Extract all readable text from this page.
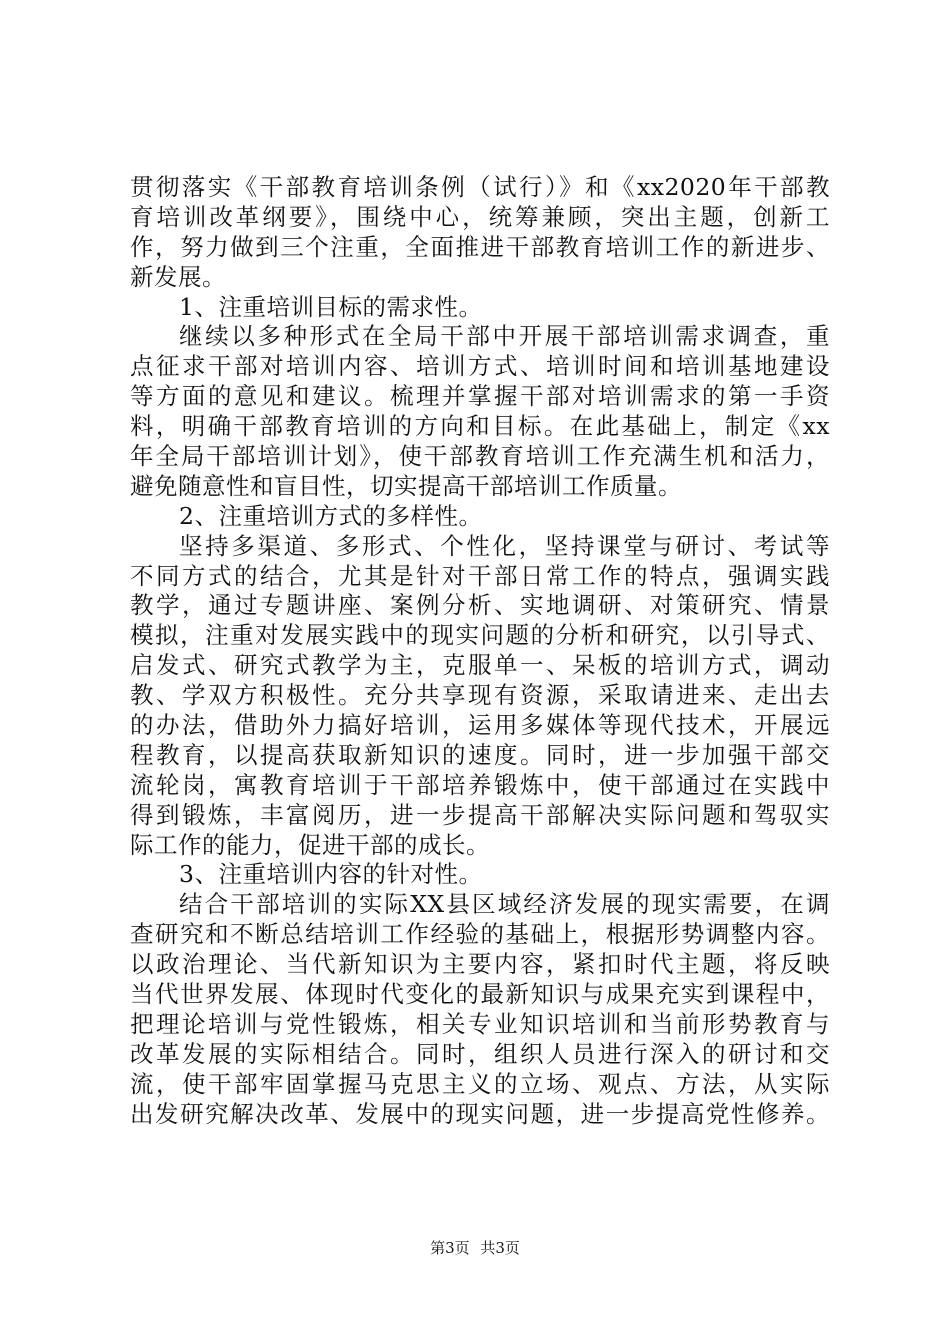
贯彻落实《干部教育培训条例（试行）》和《xx2020年干部教
育培训改革纲要》，围绕中心，统筹兼顾，突出主题，创新工
作，努力做到三个注重，全面推进干部教育培训工作的新进步、
新发展。
1、注重培训目标的需求性。
继续以多种形式在全局干部中开展干部培训需求调查，重
点征求干部对培训内容、培训方式、培训时间和培训基地建设
等方面的意见和建议。梳理并掌握干部对培训需求的第一手资
料，明确干部教育培训的方向和目标。在此基础上，制定《xx
年全局干部培训计划》，使干部教育培训工作充满生机和活力，
避免随意性和盲目性，切实提高干部培训工作质量。
2、注重培训方式的多样性。
坚持多渠道、多形式、个性化，坚持课堂与研讨、考试等
不同方式的结合，尤其是针对干部日常工作的特点，强调实践
教学，通过专题讲座、案例分析、实地调研、对策研究、情景
模拟，注重对发展实践中的现实问题的分析和研究，以引导式、
启发式、研究式教学为主，克服单一、呆板的培训方式，调动
教、学双方积极性。充分共享现有资源，采取请进来、走出去
的办法，借助外力搞好培训，运用多媒体等现代技术，开展远
程教育，以提高获取新知识的速度。同时，进一步加强干部交
流轮岗，寓教育培训于干部培养锻炼中，使干部通过在实践中
得到锻炼，丰富阅历，进一步提高干部解决实际问题和驾驭实
际工作的能力，促进干部的成长。
3、注重培训内容的针对性。
结合干部培训的实际XX县区域经济发展的现实需要，在调
查研究和不断总结培训工作经验的基础上，根据形势调整内容。
以政治理论、当代新知识为主要内容，紧扣时代主题，将反映
当代世界发展、体现时代变化的最新知识与成果充实到课程中，
把理论培训与党性锻炼，相关专业知识培训和当前形势教育与
改革发展的实际相结合。同时，组织人员进行深入的研讨和交
流，使干部牢固掌握马克思主义的立场、观点、方法，从实际
出发研究解决改革、发展中的现实问题，进一步提高党性修养。
第3页 共3页
